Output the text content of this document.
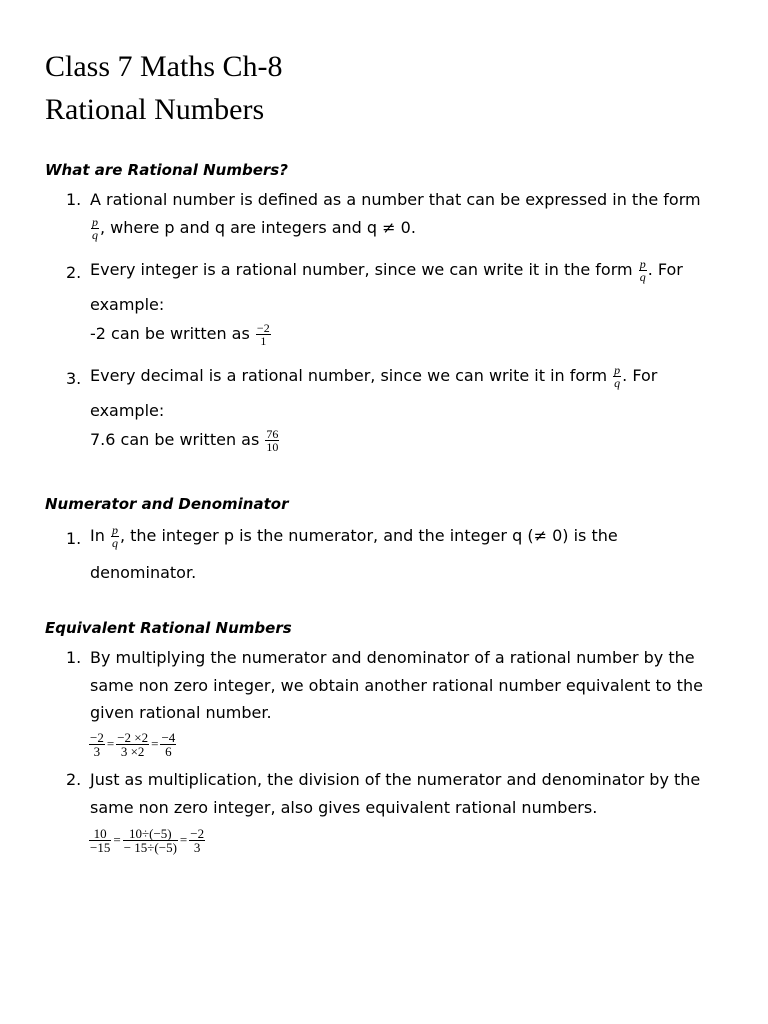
Class 7 Maths Ch-8
Rational Numbers
What are Rational Numbers?
1. A rational number is defined as a number that can be expressed in the form
$\frac{p}{q}$ , where p and q are integers and q ≠ 0.
2. Every integer is a rational number, since we can write it in the form $\frac{p}{q}$ . For
example:
-2 can be written as $\frac{-2}{1}$
3. Every decimal is a rational number, since we can write it in form $\frac{p}{q}$ . For
example:
7.6 can be written as $\frac{76}{10}$
Numerator and Denominator
1. In $\frac{p}{q}$ , the integer p is the numerator, and the integer q (≠ 0) is the
denominator.
Equivalent Rational Numbers
1. By multiplying the numerator and denominator of a rational number by the
same non zero integer, we obtain another rational number equivalent to the
given rational number.
$\frac{-2}{3} = \frac{-2 \times 2}{3 \times 2} = \frac{-4}{6}$
2. Just as multiplication, the division of the numerator and denominator by the
same non zero integer, also gives equivalent rational numbers.
$\frac{10}{-15} = \frac{10\div(-5)}{- 15\div(-5)} = \frac{-2}{3}$
